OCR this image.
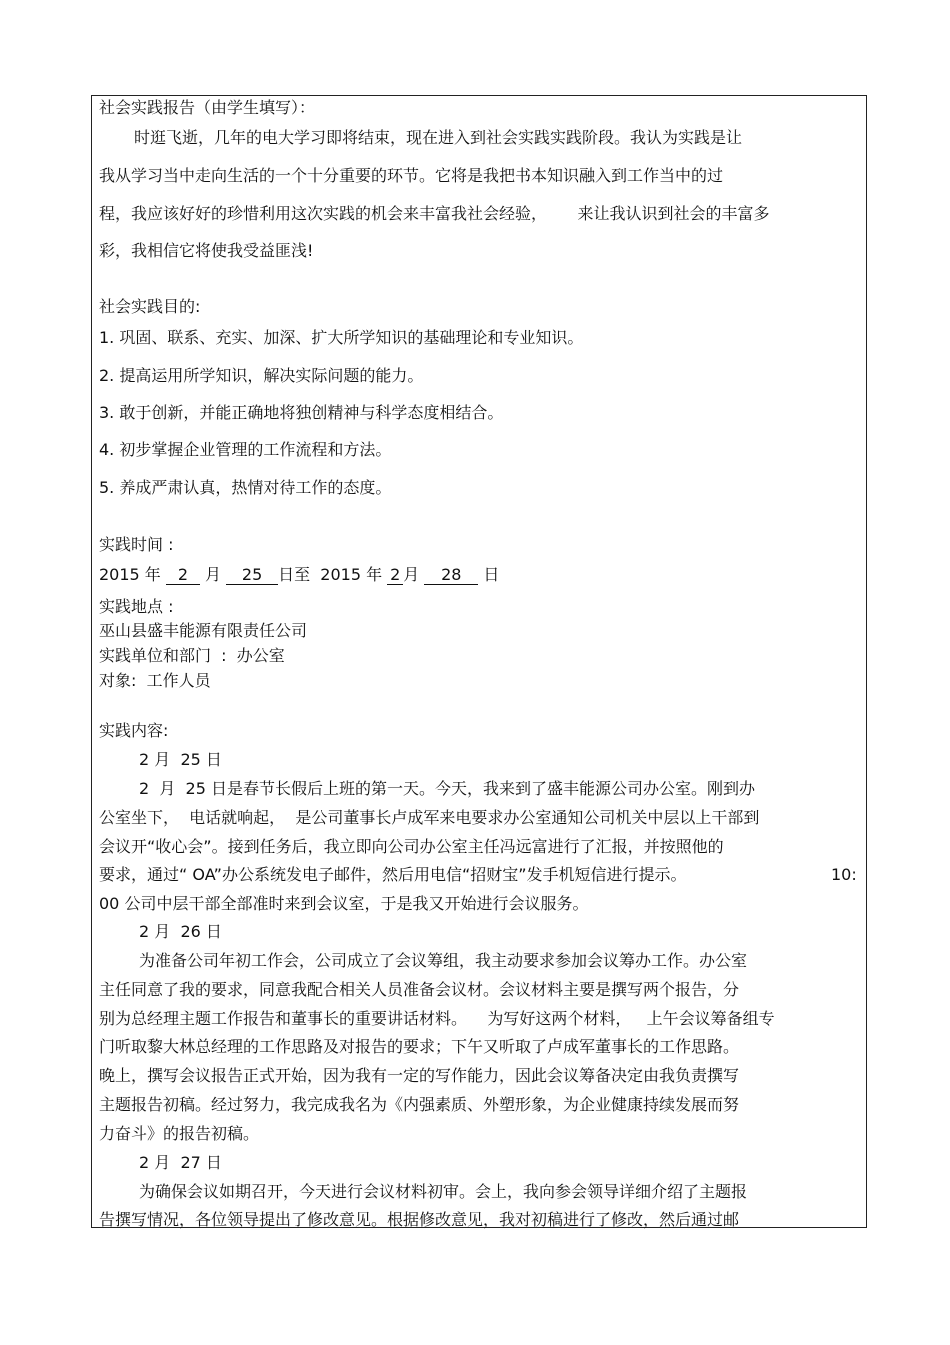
社会实践报告（由学生填写）：
时逛飞逝，几年的电大学习即将结束，现在进入到社会实践实践阶段。我认为实践是让
我从学习当中走向生活的一个十分重要的环节。它将是我把书本知识融入到工作当中的过
程，我应该好好的珍惜利用这次实践的机会来丰富我社会经验，      来让我认识到社会的丰富多
彩，我相信它将使我受益匪浅!
社会实践目的:
1. 巩固、联系、充实、加深、扩大所学知识的基础理论和专业知识。
2. 提高运用所学知识，解决实际问题的能力。
3. 敢于创新，并能正确地将独创精神与科学态度相结合。
4. 初步掌握企业管理的工作流程和方法。
5. 养成严肃认真，热情对待工作的态度。
实践时间 :
2015 年 2 月 25 日至  2015 年 2 月 28 日
实践地点 :
巫山县盛丰能源有限责任公司
实践单位和部门  :  办公室
对象:  工作人员
实践内容:
2 月  25 日
2  月  25 日是春节长假后上班的第一天。今天，我来到了盛丰能源公司办公室。刚到办
公室坐下，  电话就响起，  是公司董事长卢成军来电要求办公室通知公司机关中层以上干部到
会议开“收心会”。接到任务后，我立即向公司办公室主任冯远富进行了汇报，并按照他的
要求，通过“ OA”办公系统发电子邮件，然后用电信“招财宝”发手机短信进行提示。	10:
00 公司中层干部全部准时来到会议室，于是我又开始进行会议服务。
2 月  26 日
为准备公司年初工作会，公司成立了会议筹组，我主动要求参加会议筹办工作。办公室
主任同意了我的要求，同意我配合相关人员准备会议材。会议材料主要是撰写两个报告，分
别为总经理主题工作报告和董事长的重要讲话材料。    为写好这两个材料，   上午会议筹备组专
门听取黎大林总经理的工作思路及对报告的要求；下午又听取了卢成军董事长的工作思路。
晚上，撰写会议报告正式开始，因为我有一定的写作能力，因此会议筹备决定由我负责撰写
主题报告初稿。经过努力，我完成我名为《内强素质、外塑形象，为企业健康持续发展而努
力奋斗》的报告初稿。
2 月  27 日
为确保会议如期召开，今天进行会议材料初审。会上，我向参会领导详细介绍了主题报
告撰写情况，各位领导提出了修改意见。根据修改意见，我对初稿进行了修改，然后通过邮
